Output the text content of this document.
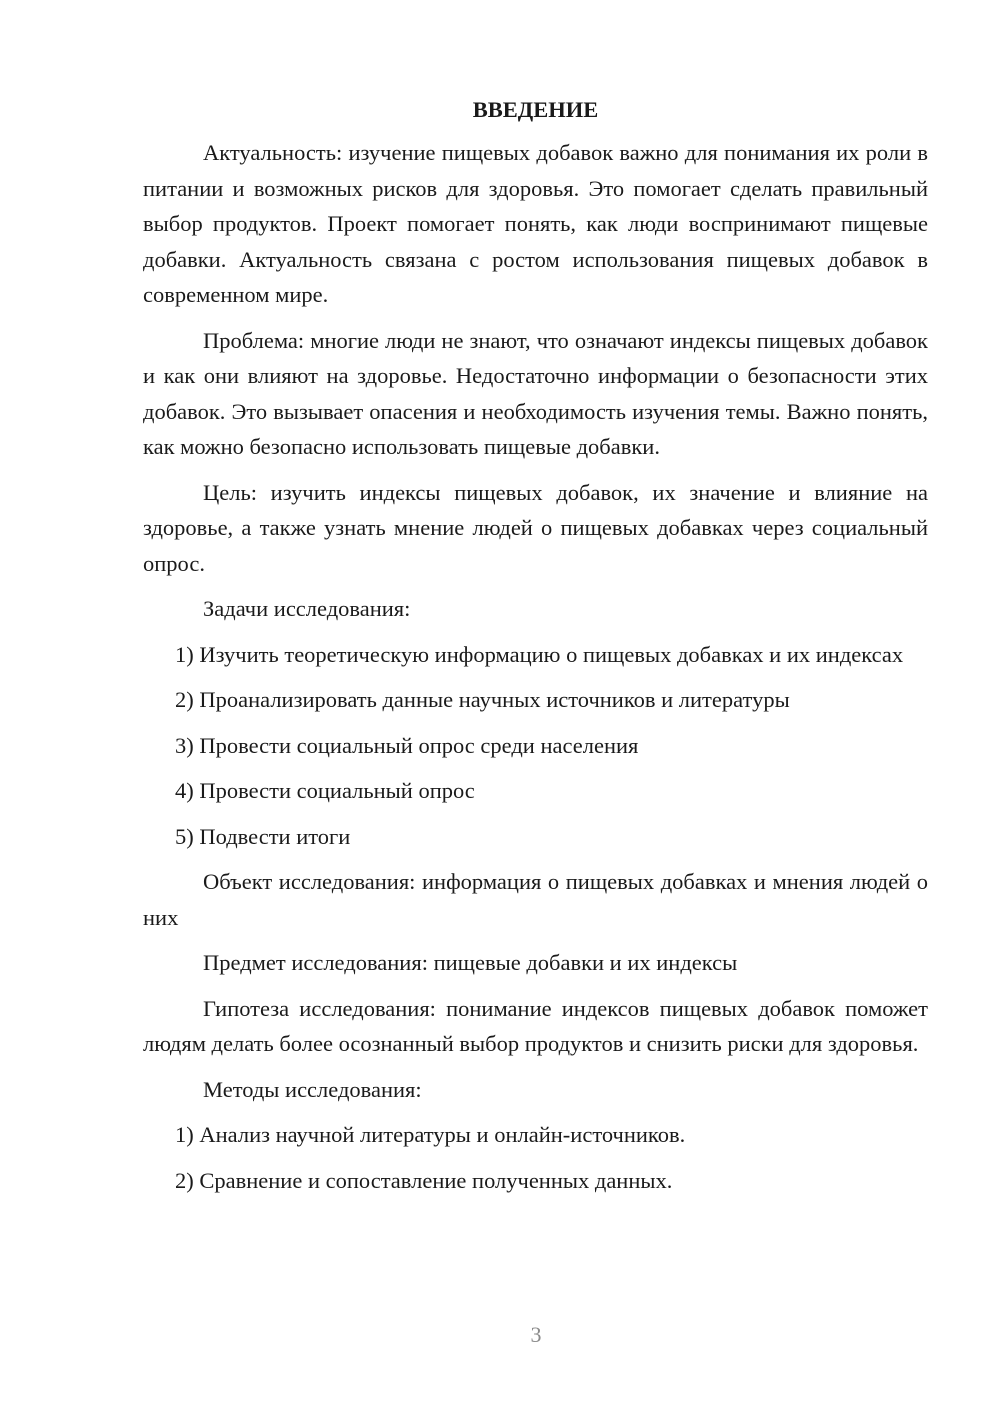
ВВЕДЕНИЕ

Актуальность: изучение пищевых добавок важно для понимания их роли в питании и возможных рисков для здоровья. Это помогает сделать правильный выбор продуктов. Проект помогает понять, как люди воспринимают пищевые добавки. Актуальность связана с ростом использования пищевых добавок в современном мире.

Проблема: многие люди не знают, что означают индексы пищевых добавок и как они влияют на здоровье. Недостаточно информации о безопасности этих добавок. Это вызывает опасения и необходимость изучения темы. Важно понять, как можно безопасно использовать пищевые добавки.

Цель: изучить индексы пищевых добавок, их значение и влияние на здоровье, а также узнать мнение людей о пищевых добавках через социальный опрос.

Задачи исследования:

1) Изучить теоретическую информацию о пищевых добавках и их индексах

2) Проанализировать данные научных источников и литературы

3) Провести социальный опрос среди населения

4) Провести социальный опрос

5) Подвести итоги

Объект исследования: информация о пищевых добавках и мнения людей о них

Предмет исследования: пищевые добавки и их индексы

Гипотеза исследования: понимание индексов пищевых добавок поможет людям делать более осознанный выбор продуктов и снизить риски для здоровья.

Методы исследования:

1) Анализ научной литературы и онлайн-источников.

2) Сравнение и сопоставление полученных данных.

3
